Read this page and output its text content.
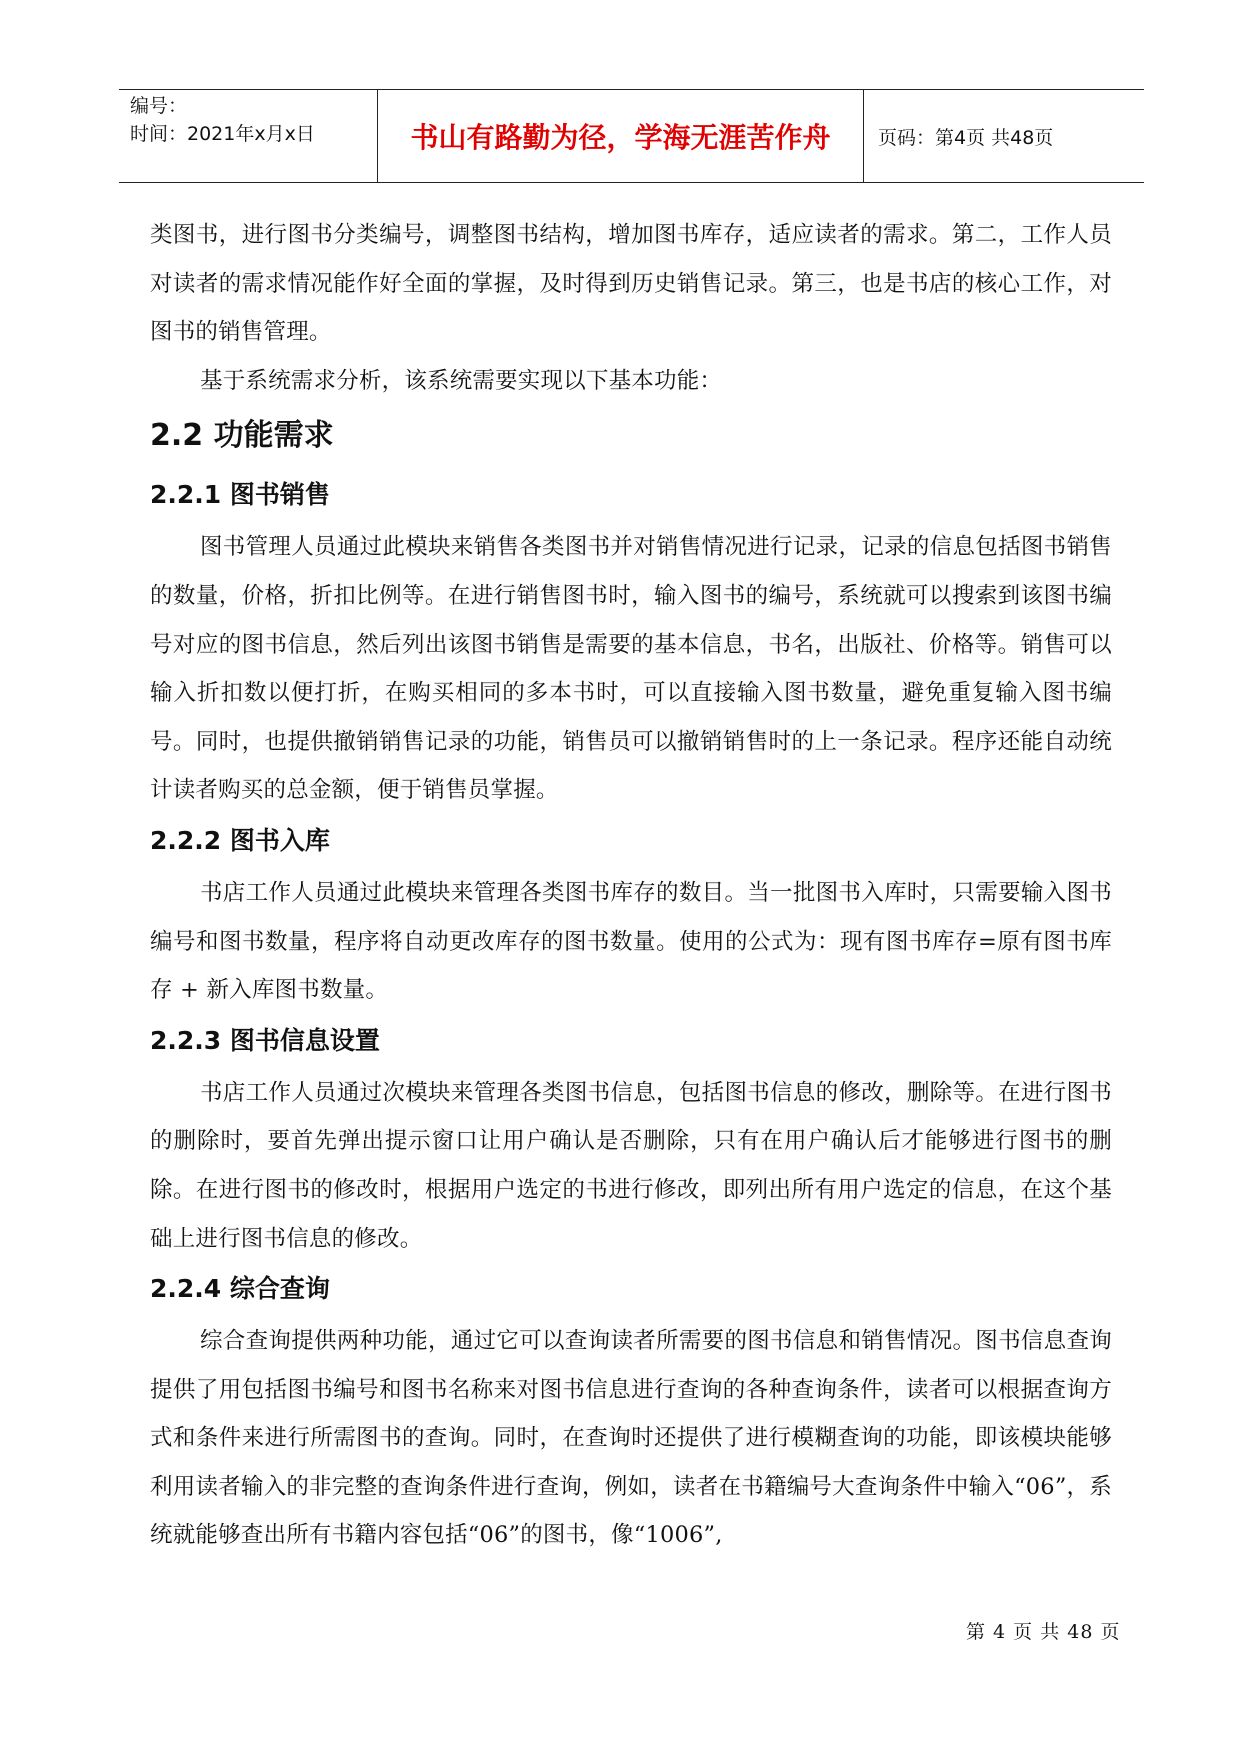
编号：
时间：2021年x月x日	书山有路勤为径，学海无涯苦作舟	页码：第4页 共48页

类图书，进行图书分类编号，调整图书结构，增加图书库存，适应读者的需求。第二，工作人员对读者的需求情况能作好全面的掌握，及时得到历史销售记录。第三，也是书店的核心工作，对图书的销售管理。

基于系统需求分析，该系统需要实现以下基本功能：

2.2 功能需求
2.2.1 图书销售

图书管理人员通过此模块来销售各类图书并对销售情况进行记录，记录的信息包括图书销售的数量，价格，折扣比例等。在进行销售图书时，输入图书的编号，系统就可以搜索到该图书编号对应的图书信息，然后列出该图书销售是需要的基本信息，书名，出版社、价格等。销售可以输入折扣数以便打折，在购买相同的多本书时，可以直接输入图书数量，避免重复输入图书编号。同时，也提供撤销销售记录的功能，销售员可以撤销销售时的上一条记录。程序还能自动统计读者购买的总金额，便于销售员掌握。

2.2.2 图书入库

书店工作人员通过此模块来管理各类图书库存的数目。当一批图书入库时，只需要输入图书编号和图书数量，程序将自动更改库存的图书数量。使用的公式为：现有图书库存=原有图书库存 + 新入库图书数量。

2.2.3 图书信息设置

书店工作人员通过次模块来管理各类图书信息，包括图书信息的修改，删除等。在进行图书的删除时，要首先弹出提示窗口让用户确认是否删除，只有在用户确认后才能够进行图书的删除。在进行图书的修改时，根据用户选定的书进行修改，即列出所有用户选定的信息，在这个基础上进行图书信息的修改。

2.2.4 综合查询

综合查询提供两种功能，通过它可以查询读者所需要的图书信息和销售情况。图书信息查询提供了用包括图书编号和图书名称来对图书信息进行查询的各种查询条件，读者可以根据查询方式和条件来进行所需图书的查询。同时，在查询时还提供了进行模糊查询的功能，即该模块能够利用读者输入的非完整的查询条件进行查询，例如，读者在书籍编号大查询条件中输入“06”，系统就能够查出所有书籍内容包括“06”的图书，像“1006”,

第 4 页 共 48 页
